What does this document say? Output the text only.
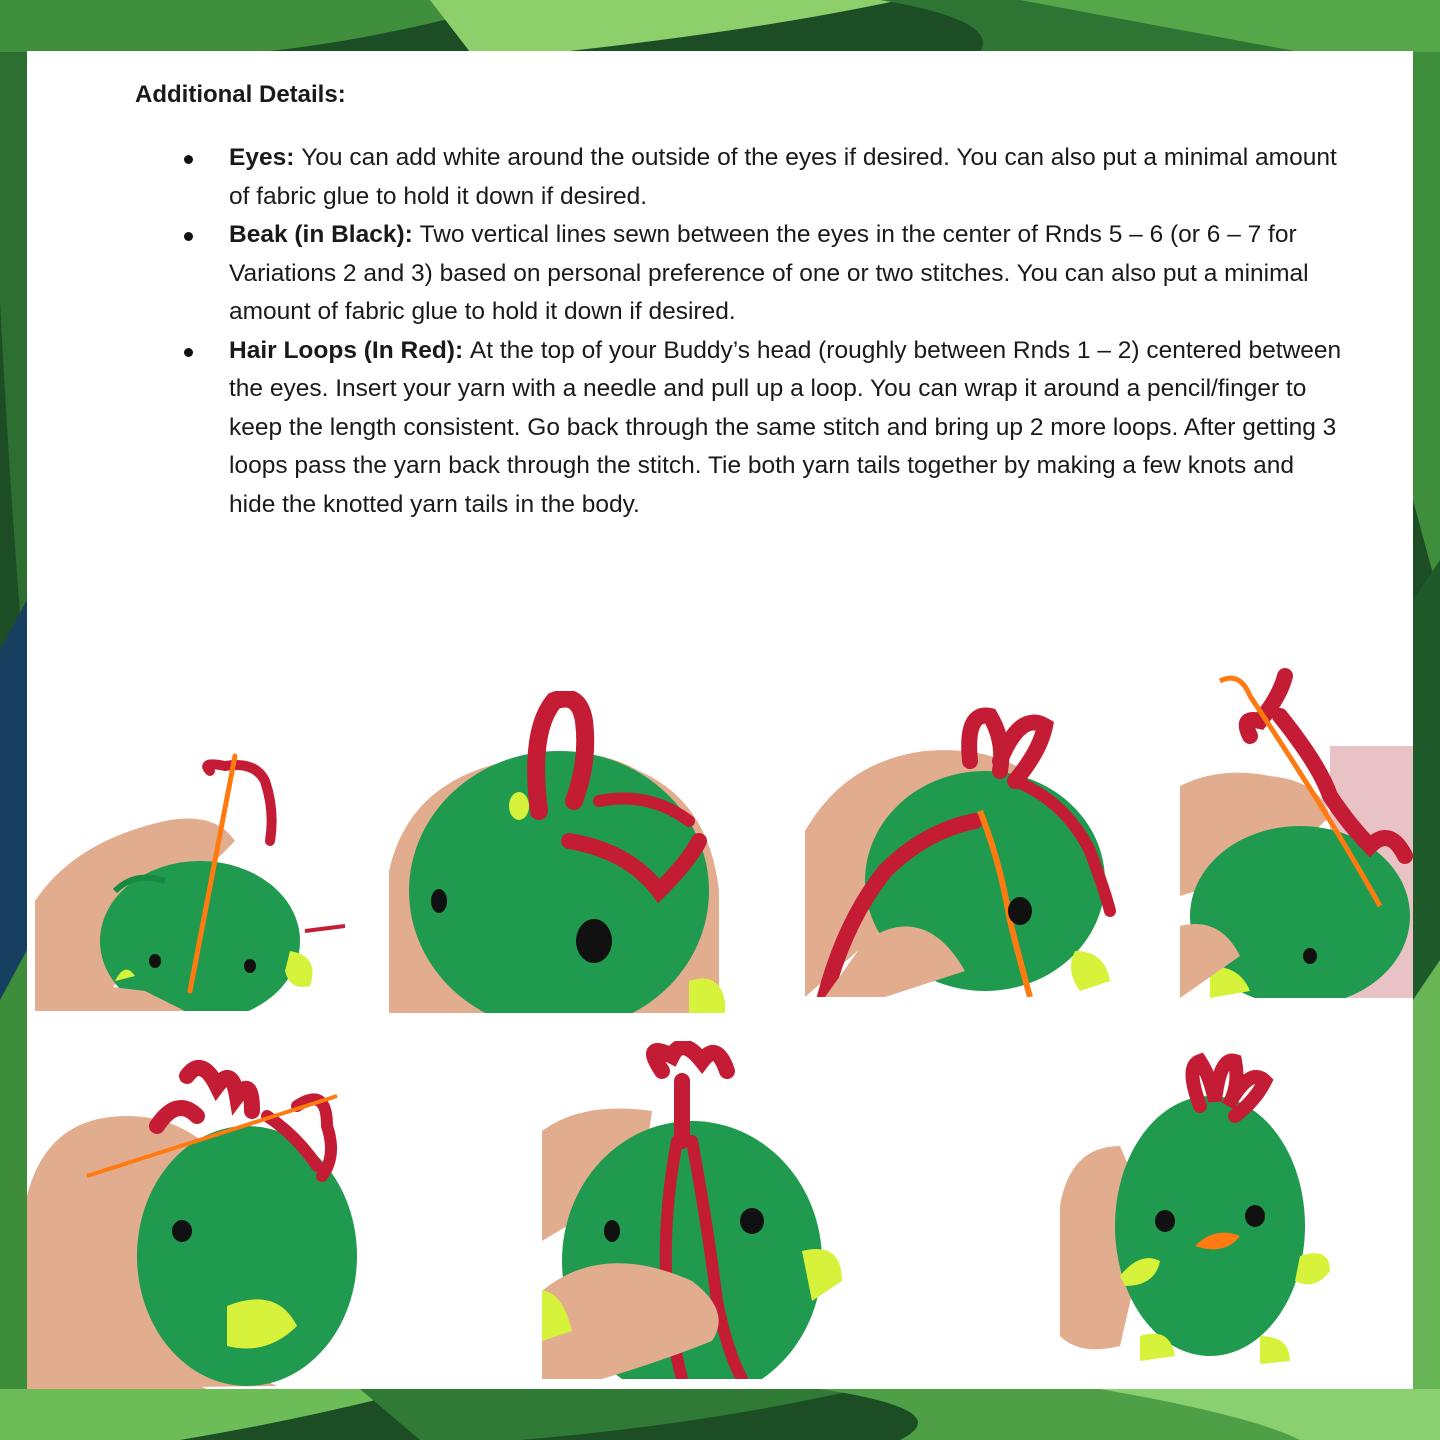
Additional Details:
Eyes: You can add white around the outside of the eyes if desired. You can also put a minimal amount of fabric glue to hold it down if desired.
Beak (in Black): Two vertical lines sewn between the eyes in the center of Rnds 5 – 6 (or 6 – 7 for Variations 2 and 3) based on personal preference of one or two stitches. You can also put a minimal amount of fabric glue to hold it down if desired.
Hair Loops (In Red): At the top of your Buddy’s head (roughly between Rnds 1 – 2) centered between the eyes. Insert your yarn with a needle and pull up a loop. You can wrap it around a pencil/finger to keep the length consistent. Go back through the same stitch and bring up 2 more loops. After getting 3 loops pass the yarn back through the stitch. Tie both yarn tails together by making a few knots and hide the knotted yarn tails in the body.
